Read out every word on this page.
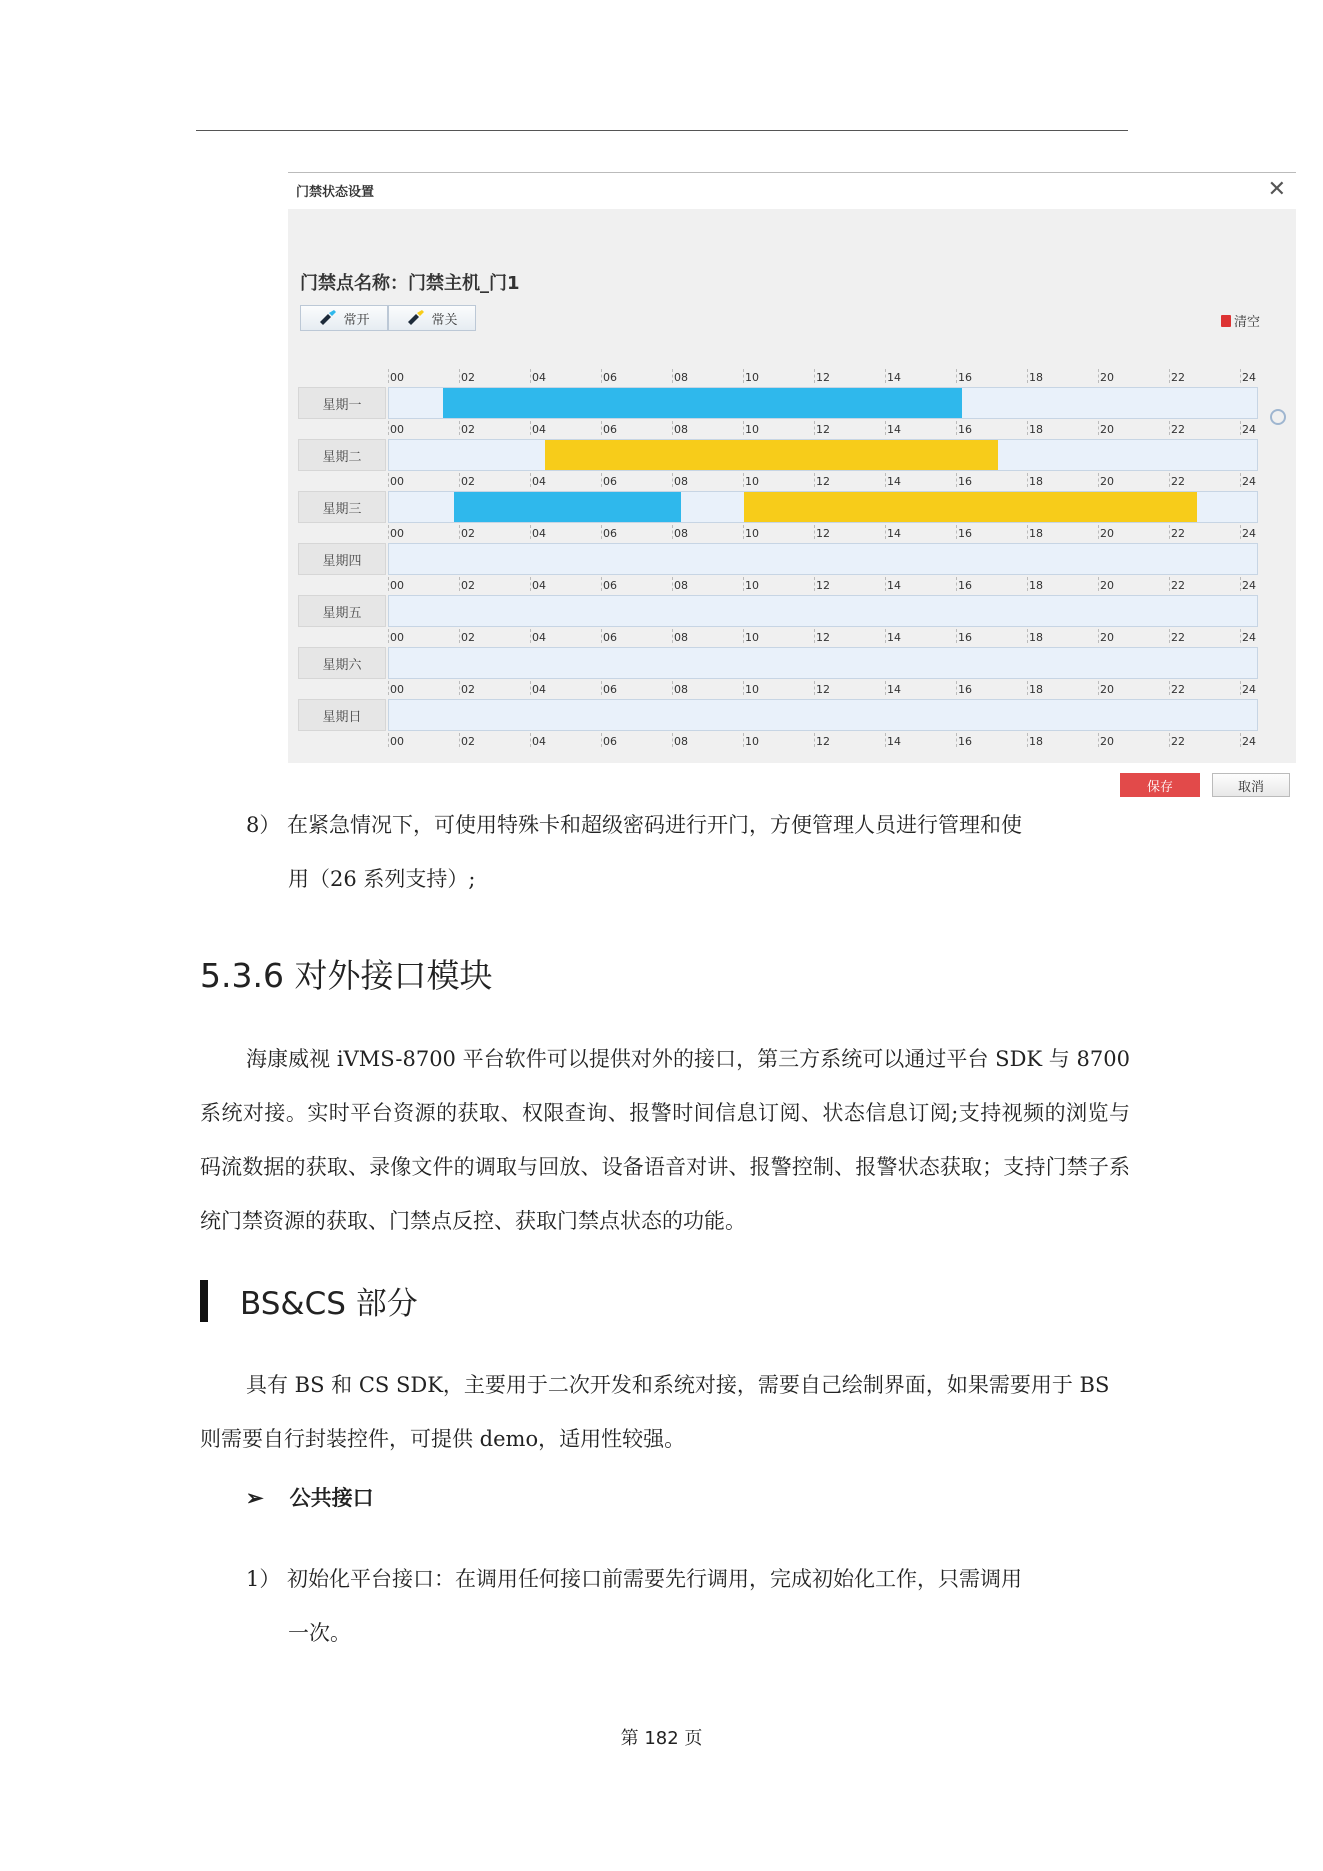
门禁状态设置	✕
门禁点名称：门禁主机_门1
常开	常关	清空
00	02	04	06	08	10	12	14	16	18	20	22	24
星期一
00	02	04	06	08	10	12	14	16	18	20	22	24
星期二
00	02	04	06	08	10	12	14	16	18	20	22	24
星期三
00	02	04	06	08	10	12	14	16	18	20	22	24
星期四
00	02	04	06	08	10	12	14	16	18	20	22	24
星期五
00	02	04	06	08	10	12	14	16	18	20	22	24
星期六
00	02	04	06	08	10	12	14	16	18	20	22	24
星期日
00	02	04	06	08	10	12	14	16	18	20	22	24
保存	取消
8） 在紧急情况下，可使用特殊卡和超级密码进行开门，方便管理人员进行管理和使
用（26 系列支持）;
5.3.6 对外接口模块
海康威视 iVMS-8700 平台软件可以提供对外的接口，第三方系统可以通过平台 SDK 与 8700 系统对接。实时平台资源的获取、权限查询、报警时间信息订阅、状态信息订阅;支持视频的浏览与码流数据的获取、录像文件的调取与回放、设备语音对讲、报警控制、报警状态获取；支持门禁子系统门禁资源的获取、门禁点反控、获取门禁点状态的功能。
BS&CS 部分
具有 BS 和 CS SDK，主要用于二次开发和系统对接，需要自己绘制界面，如果需要用于 BS 则需要自行封装控件，可提供 demo，适用性较强。
➢ 公共接口
1） 初始化平台接口：在调用任何接口前需要先行调用，完成初始化工作，只需调用
一次。
第 182 页
